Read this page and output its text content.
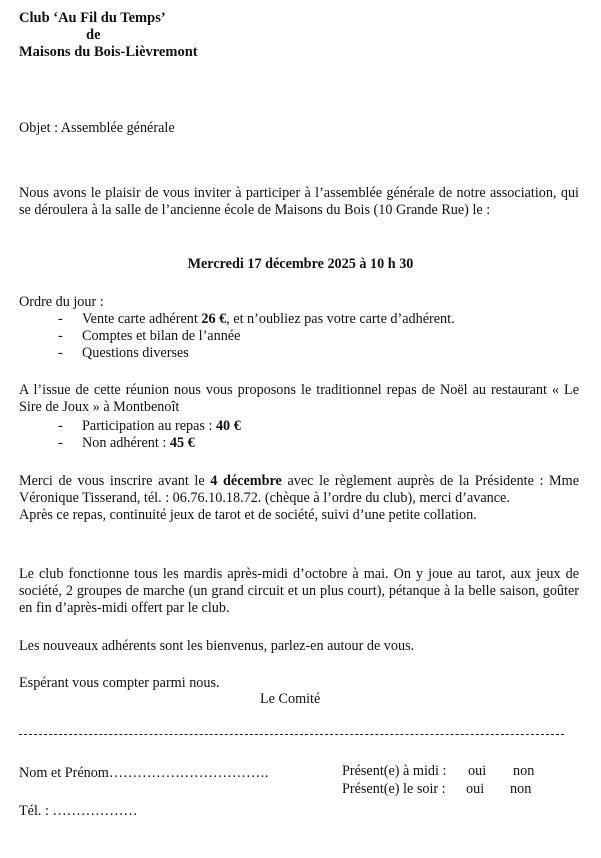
Club ‘Au Fil du Temps’
de
Maisons du Bois-Lièvremont
Objet : Assemblée générale

Nous avons le plaisir de vous inviter à participer à l’assemblée générale de notre association, qui se déroulera à la salle de l’ancienne école de Maisons du Bois (10 Grande Rue) le :

Mercredi 17 décembre 2025 à 10 h 30
Ordre du jour :
- Vente carte adhérent 26 €, et n’oubliez pas votre carte d’adhérent.
- Comptes et bilan de l’année
- Questions diverses

A l’issue de cette réunion nous vous proposons le traditionnel repas de Noël au restaurant « Le Sire de Joux » à Montbenoît

- Participation au repas : 40 €
- Non adhérent : 45 €

Merci de vous inscrire avant le 4 décembre avec le règlement auprès de la Présidente : Mme Véronique Tisserand, tél. : 06.76.10.18.72. (chèque à l’ordre du club), merci d’avance.

Après ce repas, continuité jeux de tarot et de société, suivi d’une petite collation.

Le club fonctionne tous les mardis après-midi d’octobre à mai. On y joue au tarot, aux jeux de société, 2 groupes de marche (un grand circuit et un plus court), pétanque à la belle saison, goûter en fin d’après-midi offert par le club.

Les nouveaux adhérents sont les bienvenus, parlez-en autour de vous.
Espérant vous compter parmi nous.
Le Comité
Nom et Prénom…………………………….	Présent(e) à midi : oui non
Présent(e) le soir : oui non
Tél. : ………………
